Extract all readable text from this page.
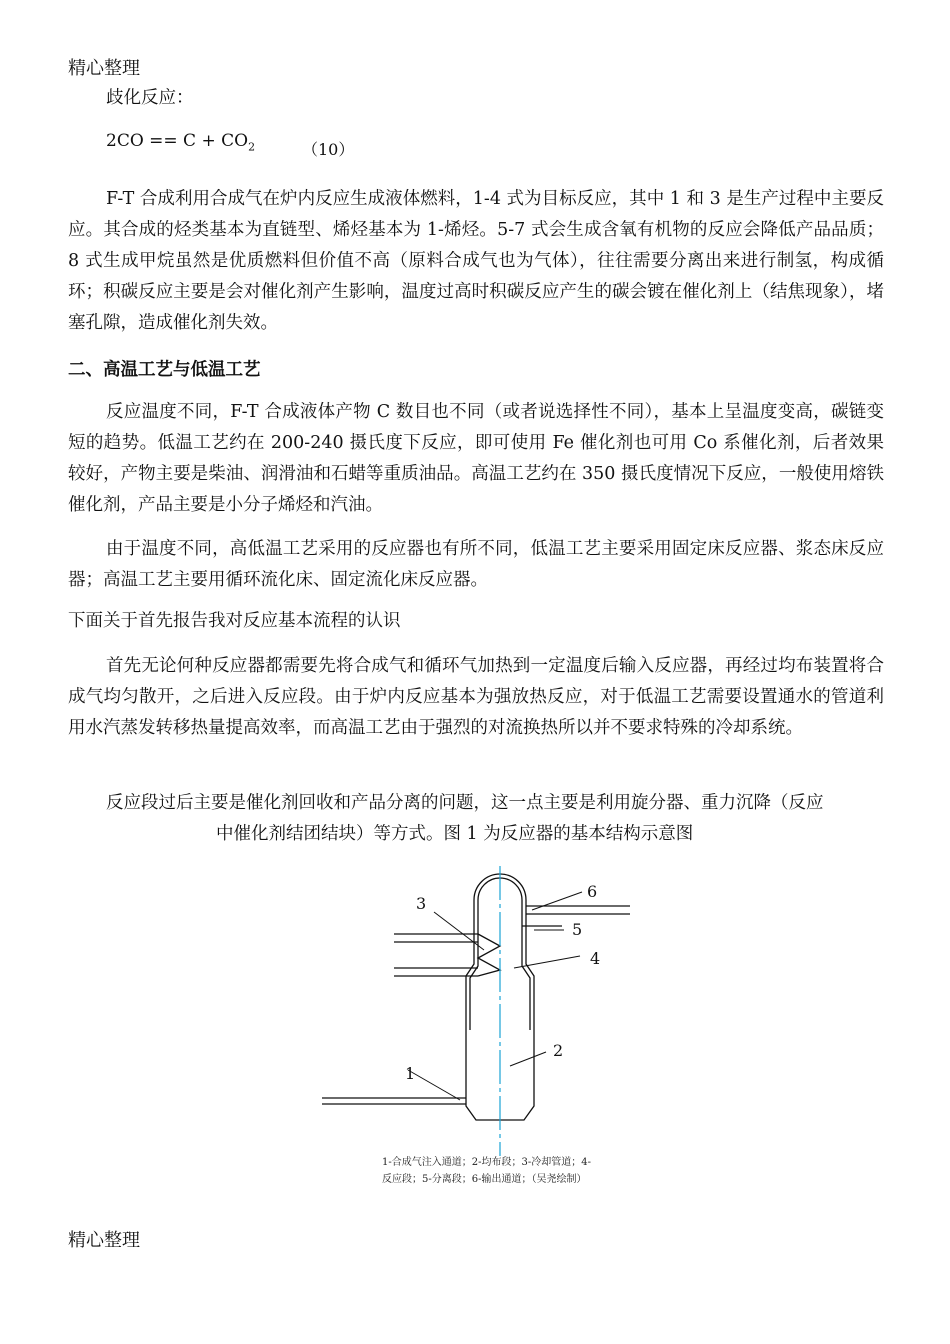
精心整理
歧化反应：
$2CO == C + CO_2$	（10）
F-T 合成利用合成气在炉内反应生成液体燃料，1-4 式为目标反应，其中 1 和 3 是生产过程中主要反应。其合成的烃类基本为直链型、烯烃基本为 1-烯烃。5-7 式会生成含氧有机物的反应会降低产品品质；8 式生成甲烷虽然是优质燃料但价值不高（原料合成气也为气体），往往需要分离出来进行制氢，构成循环；积碳反应主要是会对催化剂产生影响，温度过高时积碳反应产生的碳会镀在催化剂上（结焦现象），堵塞孔隙，造成催化剂失效。
二、高温工艺与低温工艺
反应温度不同，F-T 合成液体产物 C 数目也不同（或者说选择性不同），基本上呈温度变高，碳链变短的趋势。低温工艺约在 200-240 摄氏度下反应，即可使用 Fe 催化剂也可用 Co 系催化剂，后者效果较好，产物主要是柴油、润滑油和石蜡等重质油品。高温工艺约在 350 摄氏度情况下反应，一般使用熔铁催化剂，产品主要是小分子烯烃和汽油。
由于温度不同，高低温工艺采用的反应器也有所不同，低温工艺主要采用固定床反应器、浆态床反应器；高温工艺主要用循环流化床、固定流化床反应器。
下面关于首先报告我对反应基本流程的认识
首先无论何种反应器都需要先将合成气和循环气加热到一定温度后输入反应器，再经过均布装置将合成气均匀散开，之后进入反应段。由于炉内反应基本为强放热反应，对于低温工艺需要设置通水的管道利用水汽蒸发转移热量提高效率，而高温工艺由于强烈的对流换热所以并不要求特殊的冷却系统。
反应段过后主要是催化剂回收和产品分离的问题，这一点主要是利用旋分器、重力沉降（反应
中催化剂结团结块）等方式。图 1 为反应器的基本结构示意图
3
6
5
4
2
1
1-合成气注入通道；2-均布段；3-冷却管道；4-
反应段；5-分离段；6-输出通道；（吴尧绘制）
精心整理
